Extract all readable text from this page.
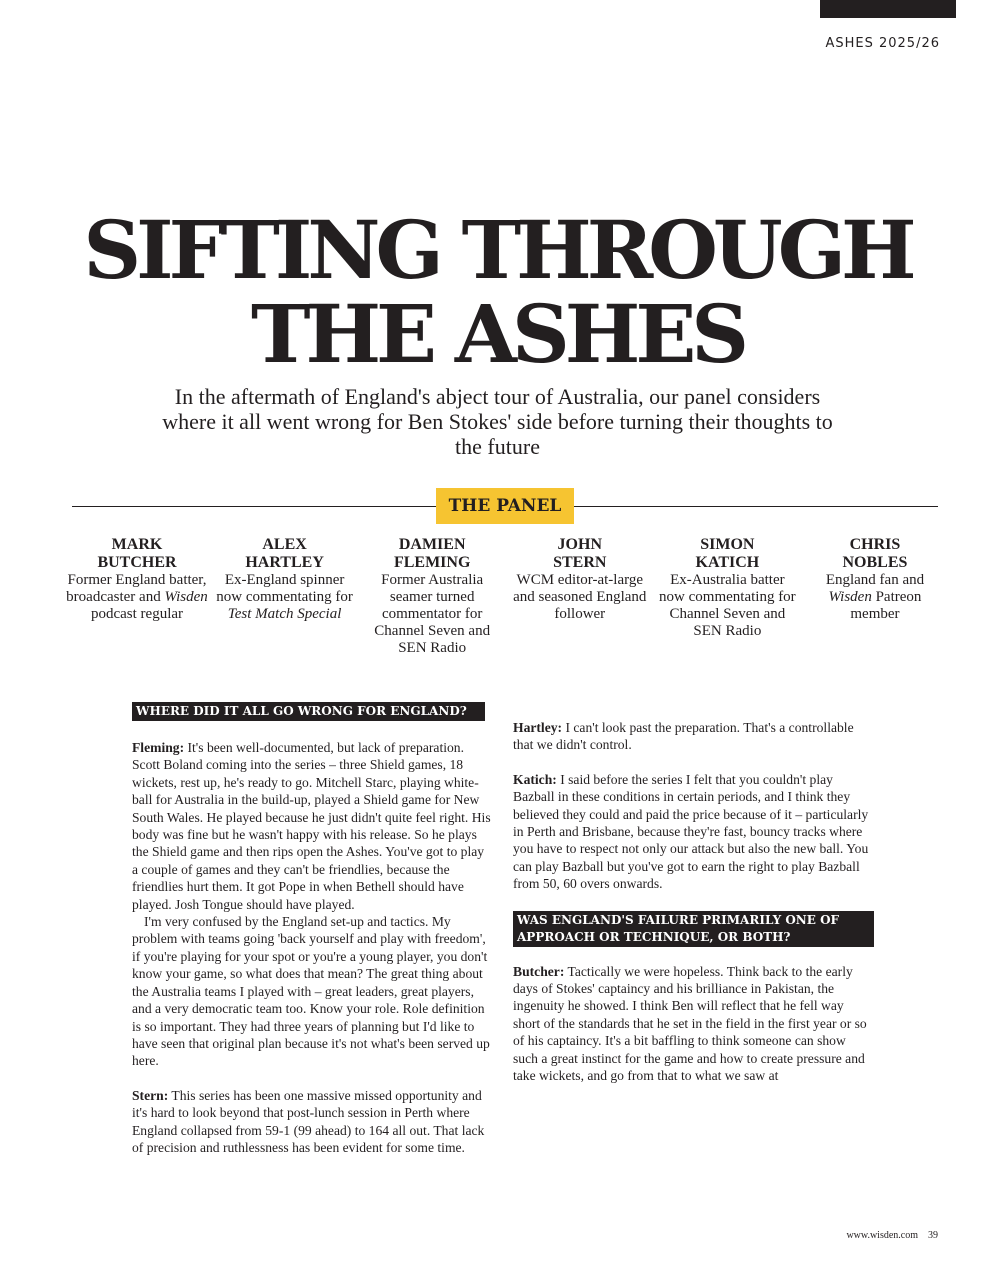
ASHES 2025/26
SIFTING THROUGH
THE ASHES

In the aftermath of England's abject tour of Australia, our panel considers where it all went wrong for Ben Stokes' side before turning their thoughts to the future

THE PANEL
MARK
BUTCHER
Former England batter, broadcaster and Wisden podcast regular
ALEX
HARTLEY
Ex-England spinner now commentating for Test Match Special
DAMIEN
FLEMING
Former Australia seamer turned commentator for Channel Seven and SEN Radio
JOHN
STERN
WCM editor-at-large and seasoned England follower
SIMON
KATICH
Ex-Australia batter now commentating for Channel Seven and SEN Radio
CHRIS
NOBLES
England fan and Wisden Patreon member
WHERE DID IT ALL GO WRONG FOR ENGLAND?

Fleming: It's been well-documented, but lack of preparation. Scott Boland coming into the series – three Shield games, 18 wickets, rest up, he's ready to go. Mitchell Starc, playing white-ball for Australia in the build-up, played a Shield game for New South Wales. He played because he just didn't quite feel right. His body was fine but he wasn't happy with his release. So he plays the Shield game and then rips open the Ashes. You've got to play a couple of games and they can't be friendlies, because the friendlies hurt them. It got Pope in when Bethell should have played. Josh Tongue should have played.

I'm very confused by the England set-up and tactics. My problem with teams going 'back yourself and play with freedom', if you're playing for your spot or you're a young player, you don't know your game, so what does that mean? The great thing about the Australia teams I played with – great leaders, great players, and a very democratic team too. Know your role. Role definition is so important. They had three years of planning but I'd like to have seen that original plan because it's not what's been served up here.

Stern: This series has been one massive missed opportunity and it's hard to look beyond that post-lunch session in Perth where England collapsed from 59-1 (99 ahead) to 164 all out. That lack of precision and ruthlessness has been evident for some time.

Hartley: I can't look past the preparation. That's a controllable that we didn't control.

Katich: I said before the series I felt that you couldn't play Bazball in these conditions in certain periods, and I think they believed they could and paid the price because of it – particularly in Perth and Brisbane, because they're fast, bouncy tracks where you have to respect not only our attack but also the new ball. You can play Bazball but you've got to earn the right to play Bazball from 50, 60 overs onwards.

WAS ENGLAND'S FAILURE PRIMARILY ONE OF APPROACH OR TECHNIQUE, OR BOTH?

Butcher: Tactically we were hopeless. Think back to the early days of Stokes' captaincy and his brilliance in Pakistan, the ingenuity he showed. I think Ben will reflect that he fell way short of the standards that he set in the field in the first year or so of his captaincy. It's a bit baffling to think someone can show such a great instinct for the game and how to create pressure and take wickets, and go from that to what we saw at

www.wisden.com 39
